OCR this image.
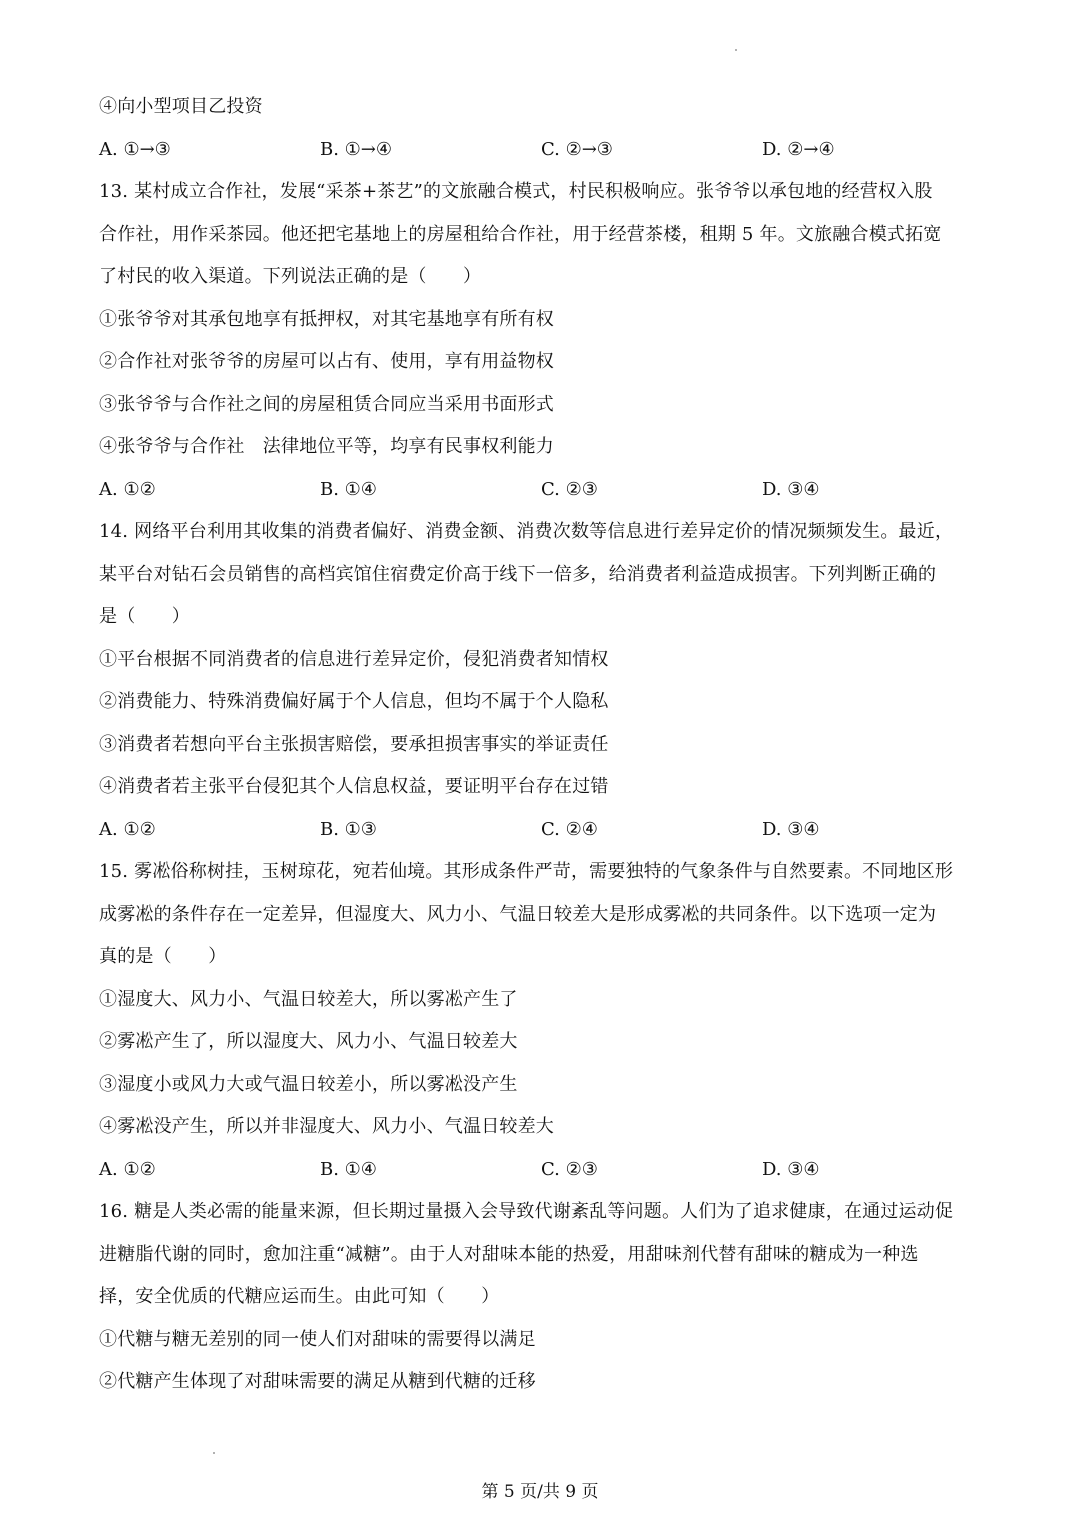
④向小型项目乙投资
A. ①→③	B. ①→④	C. ②→③	D. ②→④
13. 某村成立合作社，发展“采茶+茶艺”的文旅融合模式，村民积极响应。张爷爷以承包地的经营权入股
合作社，用作采茶园。他还把宅基地上的房屋租给合作社，用于经营茶楼，租期 5 年。文旅融合模式拓宽
了村民的收入渠道。下列说法正确的是（　　）
①张爷爷对其承包地享有抵押权，对其宅基地享有所有权
②合作社对张爷爷的房屋可以占有、使用，享有用益物权
③张爷爷与合作社之间的房屋租赁合同应当采用书面形式
④张爷爷与合作社　法律地位平等，均享有民事权利能力
A. ①②	B. ①④	C. ②③	D. ③④
14. 网络平台利用其收集的消费者偏好、消费金额、消费次数等信息进行差异定价的情况频频发生。最近，
某平台对钻石会员销售的高档宾馆住宿费定价高于线下一倍多，给消费者利益造成损害。下列判断正确的
是（　　）
①平台根据不同消费者的信息进行差异定价，侵犯消费者知情权
②消费能力、特殊消费偏好属于个人信息，但均不属于个人隐私
③消费者若想向平台主张损害赔偿，要承担损害事实的举证责任
④消费者若主张平台侵犯其个人信息权益，要证明平台存在过错
A. ①②	B. ①③	C. ②④	D. ③④
15. 雾凇俗称树挂，玉树琼花，宛若仙境。其形成条件严苛，需要独特的气象条件与自然要素。不同地区形
成雾凇的条件存在一定差异，但湿度大、风力小、气温日较差大是形成雾凇的共同条件。以下选项一定为
真的是（　　）
①湿度大、风力小、气温日较差大，所以雾凇产生了
②雾凇产生了，所以湿度大、风力小、气温日较差大
③湿度小或风力大或气温日较差小，所以雾凇没产生
④雾凇没产生，所以并非湿度大、风力小、气温日较差大
A. ①②	B. ①④	C. ②③	D. ③④
16. 糖是人类必需的能量来源，但长期过量摄入会导致代谢紊乱等问题。人们为了追求健康，在通过运动促
进糖脂代谢的同时，愈加注重“减糖”。由于人对甜味本能的热爱，用甜味剂代替有甜味的糖成为一种选
择，安全优质的代糖应运而生。由此可知（　　）
①代糖与糖无差别的同一使人们对甜味的需要得以满足
②代糖产生体现了对甜味需要的满足从糖到代糖的迁移
第 5 页/共 9 页
